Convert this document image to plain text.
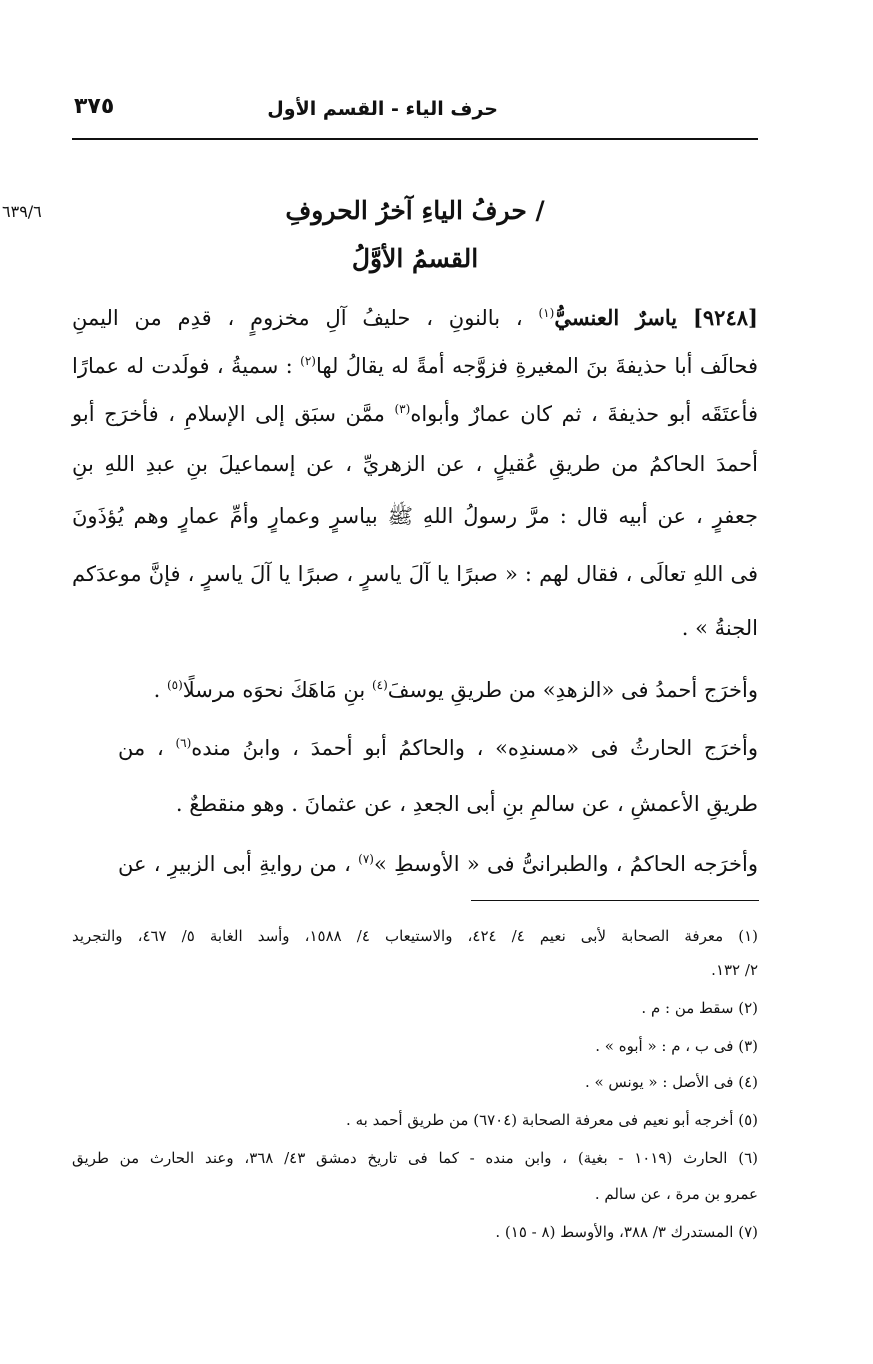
حرف الياء - القسم الأول
٣٧٥
٦٣٩/٦	/ حرفُ الياءِ آخرُ الحروفِ
القسمُ الأوَّلُ
[٩٢٤٨] ياسرٌ العنسيُّ$^{(١)}$ ، بالنونِ ، حليفُ آلِ مخزومٍ ، قدِم من اليمنِ
فحالَف أبا حذيفةَ بنَ المغيرةِ فزوَّجه أمةً له يقالُ لها$^{(٢)}$ : سميةُ ، فولَدت له عمارًا
فأعتَقَه أبو حذيفةَ ، ثم كان عمارٌ وأبواه$^{(٣)}$ ممَّن سبَق إلى الإسلامِ ، فأخرَج أبو
أحمدَ الحاكمُ من طريقِ عُقيلٍ ، عن الزهريِّ ، عن إسماعيلَ بنِ عبدِ اللهِ بنِ
جعفرٍ ، عن أبيه قال : مرَّ رسولُ اللهِ ﷺ بياسرٍ وعمارٍ وأمِّ عمارٍ وهم يُؤذَونَ
فى اللهِ تعالَى ، فقال لهم : « صبرًا يا آلَ ياسرٍ ، صبرًا يا آلَ ياسرٍ ، فإنَّ موعدَكم
الجنةُ » .
وأخرَج أحمدُ فى «الزهدِ» من طريقِ يوسفَ$^{(٤)}$ بنِ مَاهَكَ نحوَه مرسلًا$^{(٥)}$ .
وأخرَج الحارثُ فى «مسندِه» ، والحاكمُ أبو أحمدَ ، وابنُ منده$^{(٦)}$ ، من
طريقِ الأعمشِ ، عن سالمِ بنِ أبى الجعدِ ، عن عثمانَ . وهو منقطعٌ .
وأخرَجه الحاكمُ ، والطبرانىُّ فى « الأوسطِ »$^{(٧)}$ ، من روايةِ أبى الزبيرِ ، عن
(١) معرفة الصحابة لأبى نعيم ٤/ ٤٢٤، والاستيعاب ٤/ ١٥٨٨، وأسد الغابة ٥/ ٤٦٧، والتجريد
٢/ ١٣٢.
(٢) سقط من : م .
(٣) فى ب ، م : « أبوه » .
(٤) فى الأصل : « يونس » .
(٥) أخرجه أبو نعيم فى معرفة الصحابة (٦٧٠٤) من طريق أحمد به .
(٦) الحارث (١٠١٩ - بغية) ، وابن منده - كما فى تاريخ دمشق ٤٣/ ٣٦٨، وعند الحارث من طريق
عمرو بن مرة ، عن سالم .
(٧) المستدرك ٣/ ٣٨٨، والأوسط (٨ - ١٥) .
